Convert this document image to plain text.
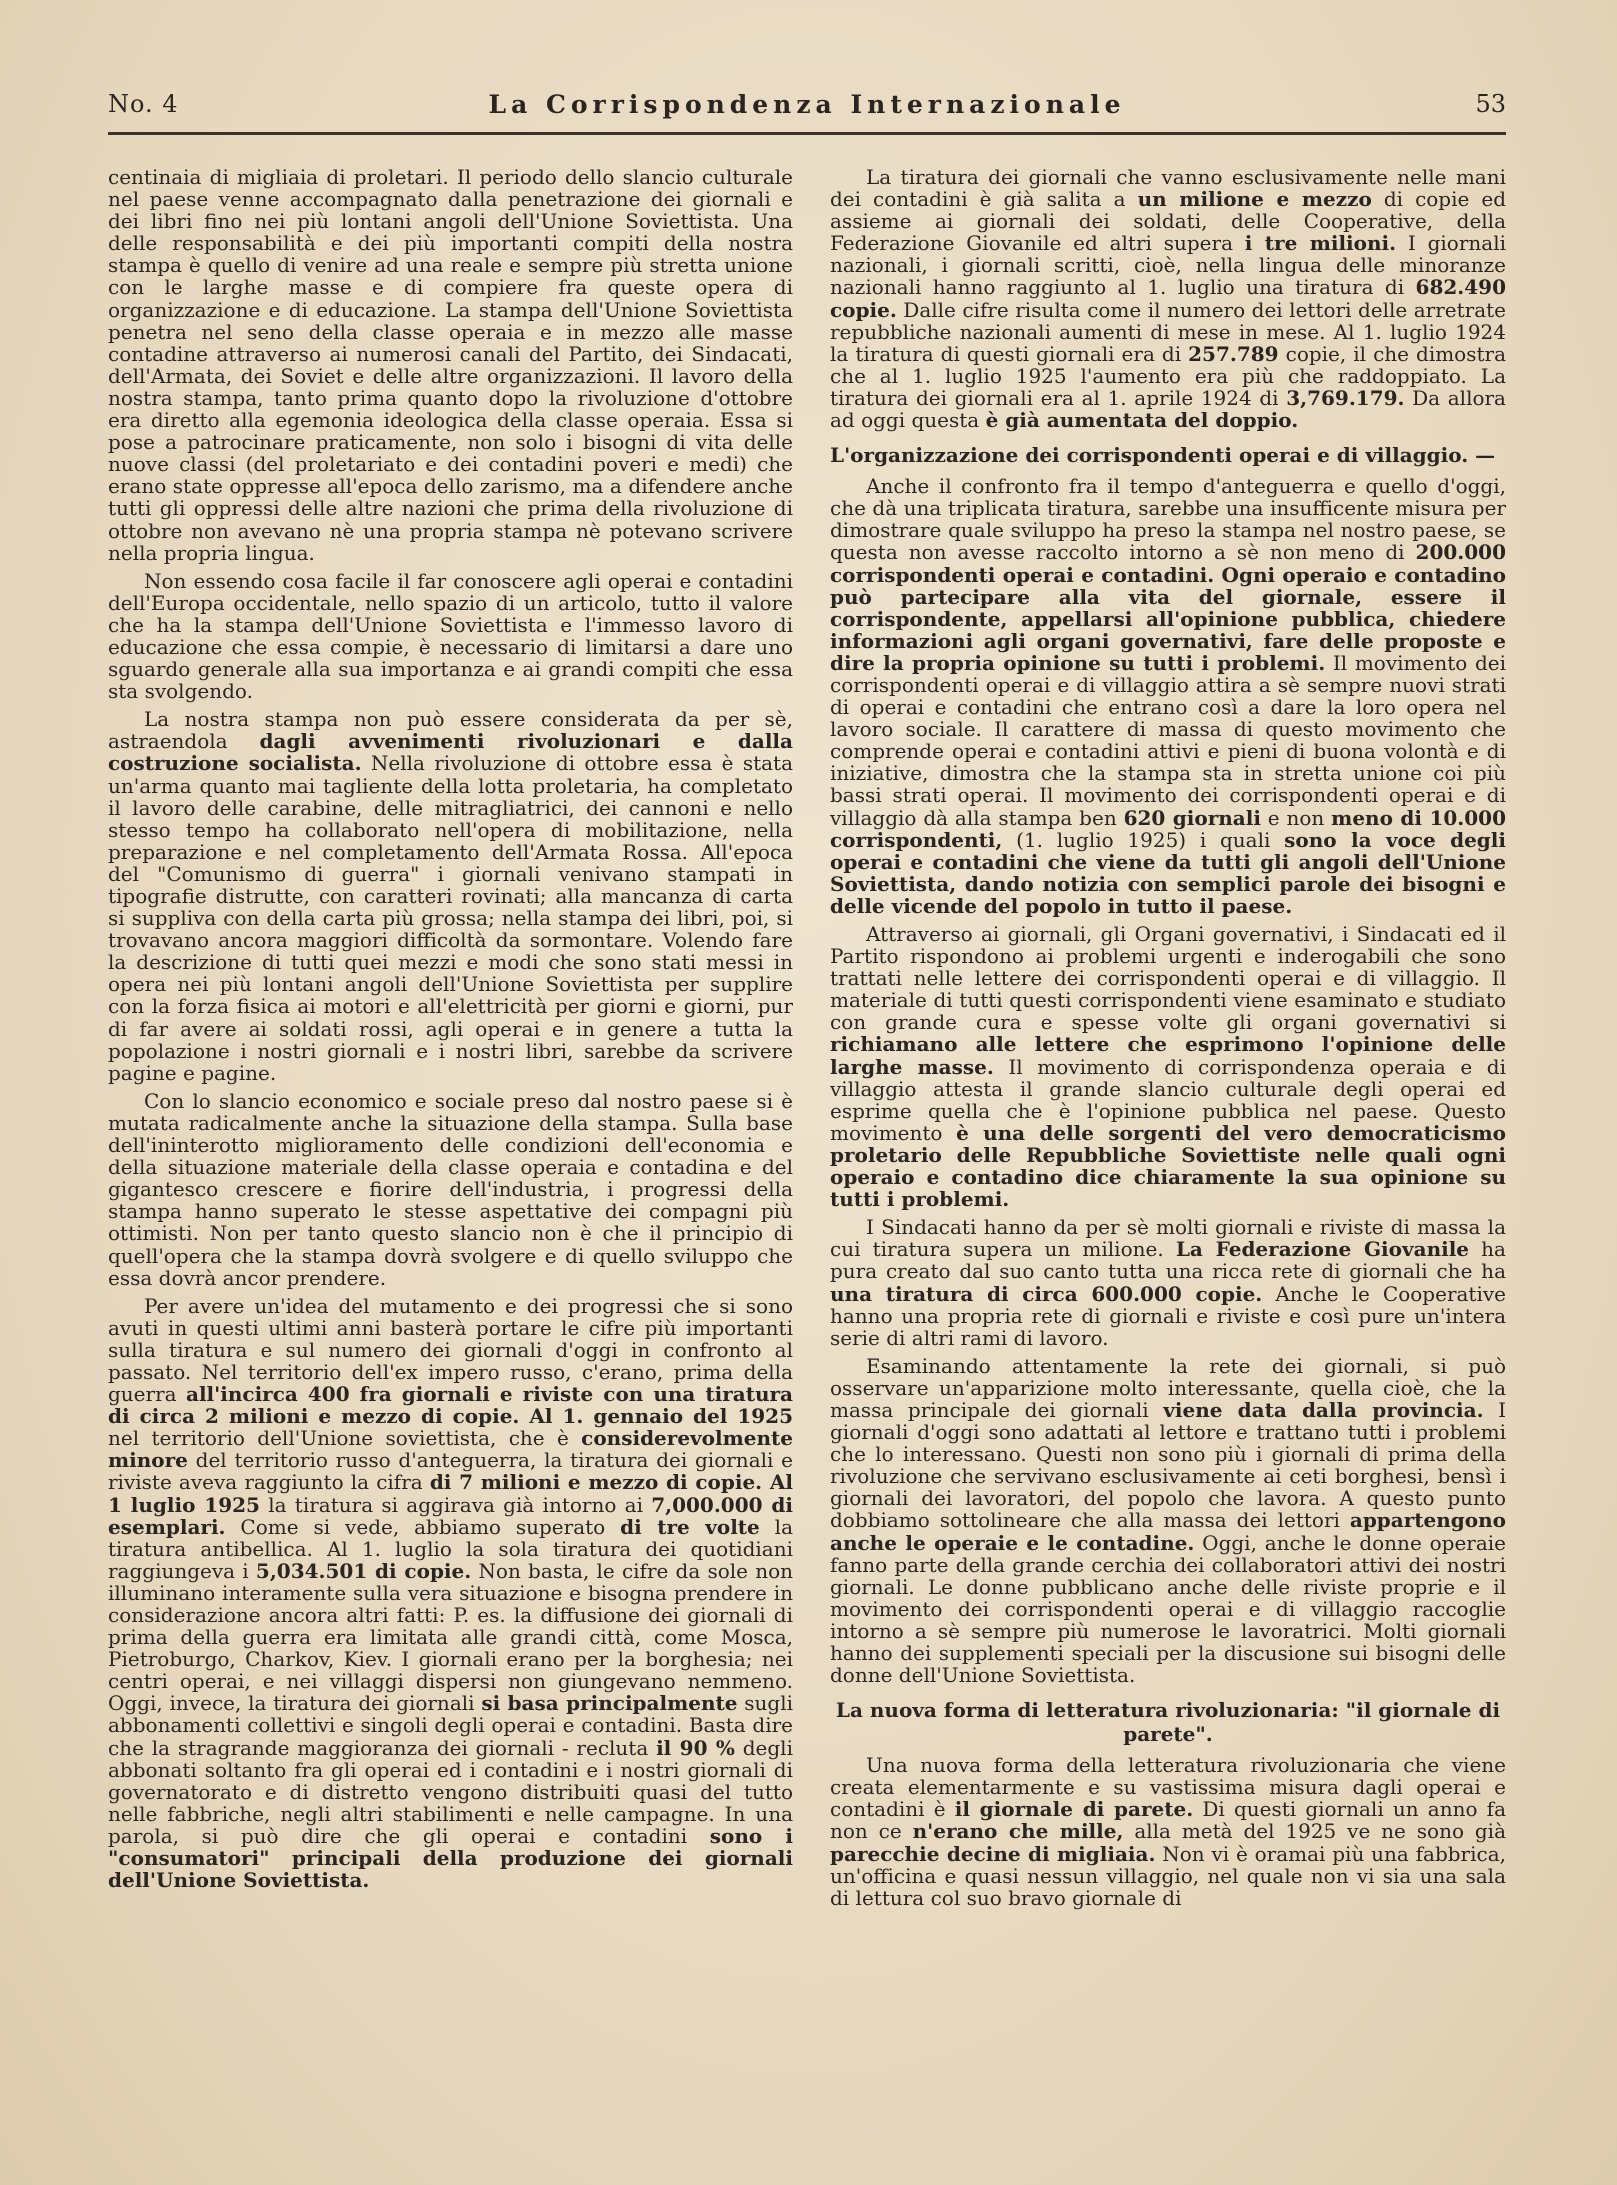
No. 4	La Corrispondenza Internazionale	53

centinaia di migliaia di proletari. Il periodo dello slancio culturale nel paese venne accompagnato dalla penetrazione dei giornali e dei libri fino nei più lontani angoli dell'Unione Soviettista. Una delle responsabilità e dei più importanti compiti della nostra stampa è quello di venire ad una reale e sempre più stretta unione con le larghe masse e di compiere fra queste opera di organizzazione e di educazione. La stampa dell'Unione Soviettista penetra nel seno della classe operaia e in mezzo alle masse contadine attraverso ai numerosi canali del Partito, dei Sindacati, dell'Armata, dei Soviet e delle altre organizzazioni. Il lavoro della nostra stampa, tanto prima quanto dopo la rivoluzione d'ottobre era diretto alla egemonia ideologica della classe operaia. Essa si pose a patrocinare praticamente, non solo i bisogni di vita delle nuove classi (del proletariato e dei contadini poveri e medi) che erano state oppresse all'epoca dello zarismo, ma a difendere anche tutti gli oppressi delle altre nazioni che prima della rivoluzione di ottobre non avevano nè una propria stampa nè potevano scrivere nella propria lingua.

Non essendo cosa facile il far conoscere agli operai e contadini dell'Europa occidentale, nello spazio di un articolo, tutto il valore che ha la stampa dell'Unione Soviettista e l'immesso lavoro di educazione che essa compie, è necessario di limitarsi a dare uno sguardo generale alla sua importanza e ai grandi compiti che essa sta svolgendo.

La nostra stampa non può essere considerata da per sè, astraendola dagli avvenimenti rivoluzionari e dalla costruzione socialista. Nella rivoluzione di ottobre essa è stata un'arma quanto mai tagliente della lotta proletaria, ha completato il lavoro delle carabine, delle mitragliatrici, dei cannoni e nello stesso tempo ha collaborato nell'opera di mobilitazione, nella preparazione e nel completamento dell'Armata Rossa. All'epoca del "Comunismo di guerra" i giornali venivano stampati in tipografie distrutte, con caratteri rovinati; alla mancanza di carta si suppliva con della carta più grossa; nella stampa dei libri, poi, si trovavano ancora maggiori difficoltà da sormontare. Volendo fare la descrizione di tutti quei mezzi e modi che sono stati messi in opera nei più lontani angoli dell'Unione Soviettista per supplire con la forza fisica ai motori e all'elettricità per giorni e giorni, pur di far avere ai soldati rossi, agli operai e in genere a tutta la popolazione i nostri giornali e i nostri libri, sarebbe da scrivere pagine e pagine.

Con lo slancio economico e sociale preso dal nostro paese si è mutata radicalmente anche la situazione della stampa. Sulla base dell'ininterotto miglioramento delle condizioni dell'economia e della situazione materiale della classe operaia e contadina e del gigantesco crescere e fiorire dell'industria, i progressi della stampa hanno superato le stesse aspettative dei compagni più ottimisti. Non per tanto questo slancio non è che il principio di quell'opera che la stampa dovrà svolgere e di quello sviluppo che essa dovrà ancor prendere.

Per avere un'idea del mutamento e dei progressi che si sono avuti in questi ultimi anni basterà portare le cifre più importanti sulla tiratura e sul numero dei giornali d'oggi in confronto al passato. Nel territorio dell'ex impero russo, c'erano, prima della guerra all'incirca 400 fra giornali e riviste con una tiratura di circa 2 milioni e mezzo di copie. Al 1. gennaio del 1925 nel territorio dell'Unione soviettista, che è considerevolmente minore del territorio russo d'anteguerra, la tiratura dei giornali e riviste aveva raggiunto la cifra di 7 milioni e mezzo di copie. Al 1 luglio 1925 la tiratura si aggirava già intorno ai 7,000.000 di esemplari. Come si vede, abbiamo superato di tre volte la tiratura antibellica. Al 1. luglio la sola tiratura dei quotidiani raggiungeva i 5,034.501 di copie. Non basta, le cifre da sole non illuminano interamente sulla vera situazione e bisogna prendere in considerazione ancora altri fatti: P. es. la diffusione dei giornali di prima della guerra era limitata alle grandi città, come Mosca, Pietroburgo, Charkov, Kiev. I giornali erano per la borghesia; nei centri operai, e nei villaggi dispersi non giungevano nemmeno. Oggi, invece, la tiratura dei giornali si basa principalmente sugli abbonamenti collettivi e singoli degli operai e contadini. Basta dire che la stragrande maggioranza dei giornali - recluta il 90 % degli abbonati soltanto fra gli operai ed i contadini e i nostri giornali di governatorato e di distretto vengono distribuiti quasi del tutto nelle fabbriche, negli altri stabilimenti e nelle campagne. In una parola, si può dire che gli operai e contadini sono i "consumatori" principali della produzione dei giornali dell'Unione Soviettista.

La tiratura dei giornali che vanno esclusivamente nelle mani dei contadini è già salita a un milione e mezzo di copie ed assieme ai giornali dei soldati, delle Cooperative, della Federazione Giovanile ed altri supera i tre milioni. I giornali nazionali, i giornali scritti, cioè, nella lingua delle minoranze nazionali hanno raggiunto al 1. luglio una tiratura di 682.490 copie. Dalle cifre risulta come il numero dei lettori delle arretrate repubbliche nazionali aumenti di mese in mese. Al 1. luglio 1924 la tiratura di questi giornali era di 257.789 copie, il che dimostra che al 1. luglio 1925 l'aumento era più che raddoppiato. La tiratura dei giornali era al 1. aprile 1924 di 3,769.179. Da allora ad oggi questa è già aumentata del doppio.

L'organizzazione dei corrispondenti operai e di villaggio. —

Anche il confronto fra il tempo d'anteguerra e quello d'oggi, che dà una triplicata tiratura, sarebbe una insufficente misura per dimostrare quale sviluppo ha preso la stampa nel nostro paese, se questa non avesse raccolto intorno a sè non meno di 200.000 corrispondenti operai e contadini. Ogni operaio e contadino può partecipare alla vita del giornale, essere il corrispondente, appellarsi all'opinione pubblica, chiedere informazioni agli organi governativi, fare delle proposte e dire la propria opinione su tutti i problemi. Il movimento dei corrispondenti operai e di villaggio attira a sè sempre nuovi strati di operai e contadini che entrano così a dare la loro opera nel lavoro sociale. Il carattere di massa di questo movimento che comprende operai e contadini attivi e pieni di buona volontà e di iniziative, dimostra che la stampa sta in stretta unione coi più bassi strati operai. Il movimento dei corrispondenti operai e di villaggio dà alla stampa ben 620 giornali e non meno di 10.000 corrispondenti, (1. luglio 1925) i quali sono la voce degli operai e contadini che viene da tutti gli angoli dell'Unione Soviettista, dando notizia con semplici parole dei bisogni e delle vicende del popolo in tutto il paese.

Attraverso ai giornali, gli Organi governativi, i Sindacati ed il Partito rispondono ai problemi urgenti e inderogabili che sono trattati nelle lettere dei corrispondenti operai e di villaggio. Il materiale di tutti questi corrispondenti viene esaminato e studiato con grande cura e spesse volte gli organi governativi si richiamano alle lettere che esprimono l'opinione delle larghe masse. Il movimento di corrispondenza operaia e di villaggio attesta il grande slancio culturale degli operai ed esprime quella che è l'opinione pubblica nel paese. Questo movimento è una delle sorgenti del vero democraticismo proletario delle Repubbliche Soviettiste nelle quali ogni operaio e contadino dice chiaramente la sua opinione su tutti i problemi.

I Sindacati hanno da per sè molti giornali e riviste di massa la cui tiratura supera un milione. La Federazione Giovanile ha pura creato dal suo canto tutta una ricca rete di giornali che ha una tiratura di circa 600.000 copie. Anche le Cooperative hanno una propria rete di giornali e riviste e così pure un'intera serie di altri rami di lavoro.

Esaminando attentamente la rete dei giornali, si può osservare un'apparizione molto interessante, quella cioè, che la massa principale dei giornali viene data dalla provincia. I giornali d'oggi sono adattati al lettore e trattano tutti i problemi che lo interessano. Questi non sono più i giornali di prima della rivoluzione che servivano esclusivamente ai ceti borghesi, bensì i giornali dei lavoratori, del popolo che lavora. A questo punto dobbiamo sottolineare che alla massa dei lettori appartengono anche le operaie e le contadine. Oggi, anche le donne operaie fanno parte della grande cerchia dei collaboratori attivi dei nostri giornali. Le donne pubblicano anche delle riviste proprie e il movimento dei corrispondenti operai e di villaggio raccoglie intorno a sè sempre più numerose le lavoratrici. Molti giornali hanno dei supplementi speciali per la discusione sui bisogni delle donne dell'Unione Soviettista.

La nuova forma di letteratura rivoluzionaria: "il giornale di parete".

Una nuova forma della letteratura rivoluzionaria che viene creata elementarmente e su vastissima misura dagli operai e contadini è il giornale di parete. Di questi giornali un anno fa non ce n'erano che mille, alla metà del 1925 ve ne sono già parecchie decine di migliaia. Non vi è oramai più una fabbrica, un'officina e quasi nessun villaggio, nel quale non vi sia una sala di lettura col suo bravo giornale di
